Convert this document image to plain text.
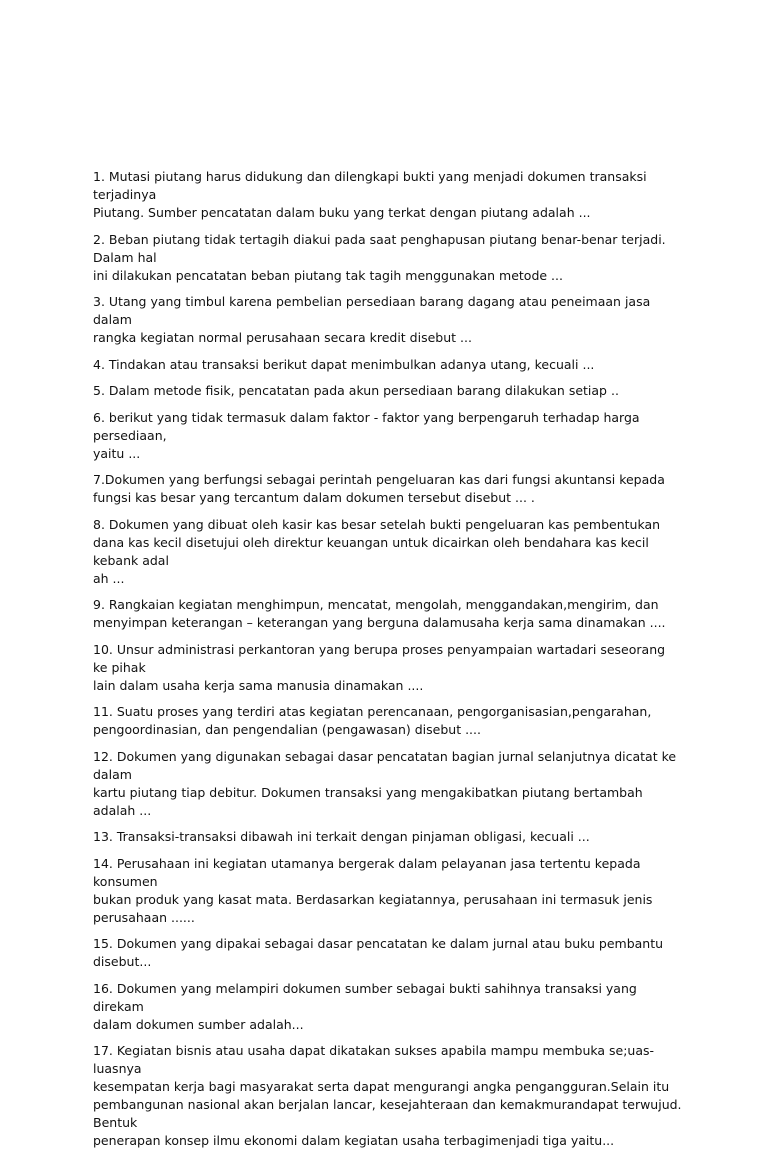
1. Mutasi piutang harus didukung dan dilengkapi bukti yang menjadi dokumen transaksi terjadinya
Piutang. Sumber pencatatan dalam buku yang terkat dengan piutang adalah ...

2. Beban piutang tidak tertagih diakui pada saat penghapusan piutang benar-benar terjadi. Dalam hal
ini dilakukan pencatatan beban piutang tak tagih menggunakan metode ...

3. Utang yang timbul karena pembelian persediaan barang dagang atau peneimaan jasa dalam
rangka kegiatan normal perusahaan secara kredit disebut ...

4. Tindakan atau transaksi berikut dapat menimbulkan adanya utang, kecuali ...

5. Dalam metode fisik, pencatatan pada akun persediaan barang dilakukan setiap ..

6. berikut yang tidak termasuk dalam faktor - faktor yang berpengaruh terhadap harga persediaan,
yaitu ...

7.Dokumen yang berfungsi sebagai perintah pengeluaran kas dari fungsi akuntansi kepada
fungsi kas besar yang tercantum dalam dokumen tersebut disebut ... .

8. Dokumen yang dibuat oleh kasir kas besar setelah bukti pengeluaran kas pembentukan
dana kas kecil disetujui oleh direktur keuangan untuk dicairkan oleh bendahara kas kecil kebank adal
ah ...

9. Rangkaian kegiatan menghimpun, mencatat, mengolah, menggandakan,mengirim, dan
menyimpan keterangan – keterangan yang berguna dalamusaha kerja sama dinamakan ....

10. Unsur administrasi perkantoran yang berupa proses penyampaian wartadari seseorang ke pihak
lain dalam usaha kerja sama manusia dinamakan ....

11. Suatu proses yang terdiri atas kegiatan perencanaan, pengorganisasian,pengarahan,
pengoordinasian, dan pengendalian (pengawasan) disebut ....

12. Dokumen yang digunakan sebagai dasar pencatatan bagian jurnal selanjutnya dicatat ke dalam
kartu piutang tiap debitur. Dokumen transaksi yang mengakibatkan piutang bertambah adalah ...

13. Transaksi-transaksi dibawah ini terkait dengan pinjaman obligasi, kecuali ...

14. Perusahaan ini kegiatan utamanya bergerak dalam pelayanan jasa tertentu kepada konsumen
bukan produk yang kasat mata. Berdasarkan kegiatannya, perusahaan ini termasuk jenis
perusahaan ......

15. Dokumen yang dipakai sebagai dasar pencatatan ke dalam jurnal atau buku pembantu disebut...

16. Dokumen yang melampiri dokumen sumber sebagai bukti sahihnya transaksi yang direkam
dalam dokumen sumber adalah...

17. Kegiatan bisnis atau usaha dapat dikatakan sukses apabila mampu membuka se;uas-luasnya
kesempatan kerja bagi masyarakat serta dapat mengurangi angka pengangguran.Selain itu
pembangunan nasional akan berjalan lancar, kesejahteraan dan kemakmurandapat terwujud. Bentuk
penerapan konsep ilmu ekonomi dalam kegiatan usaha terbagimenjadi tiga yaitu...
